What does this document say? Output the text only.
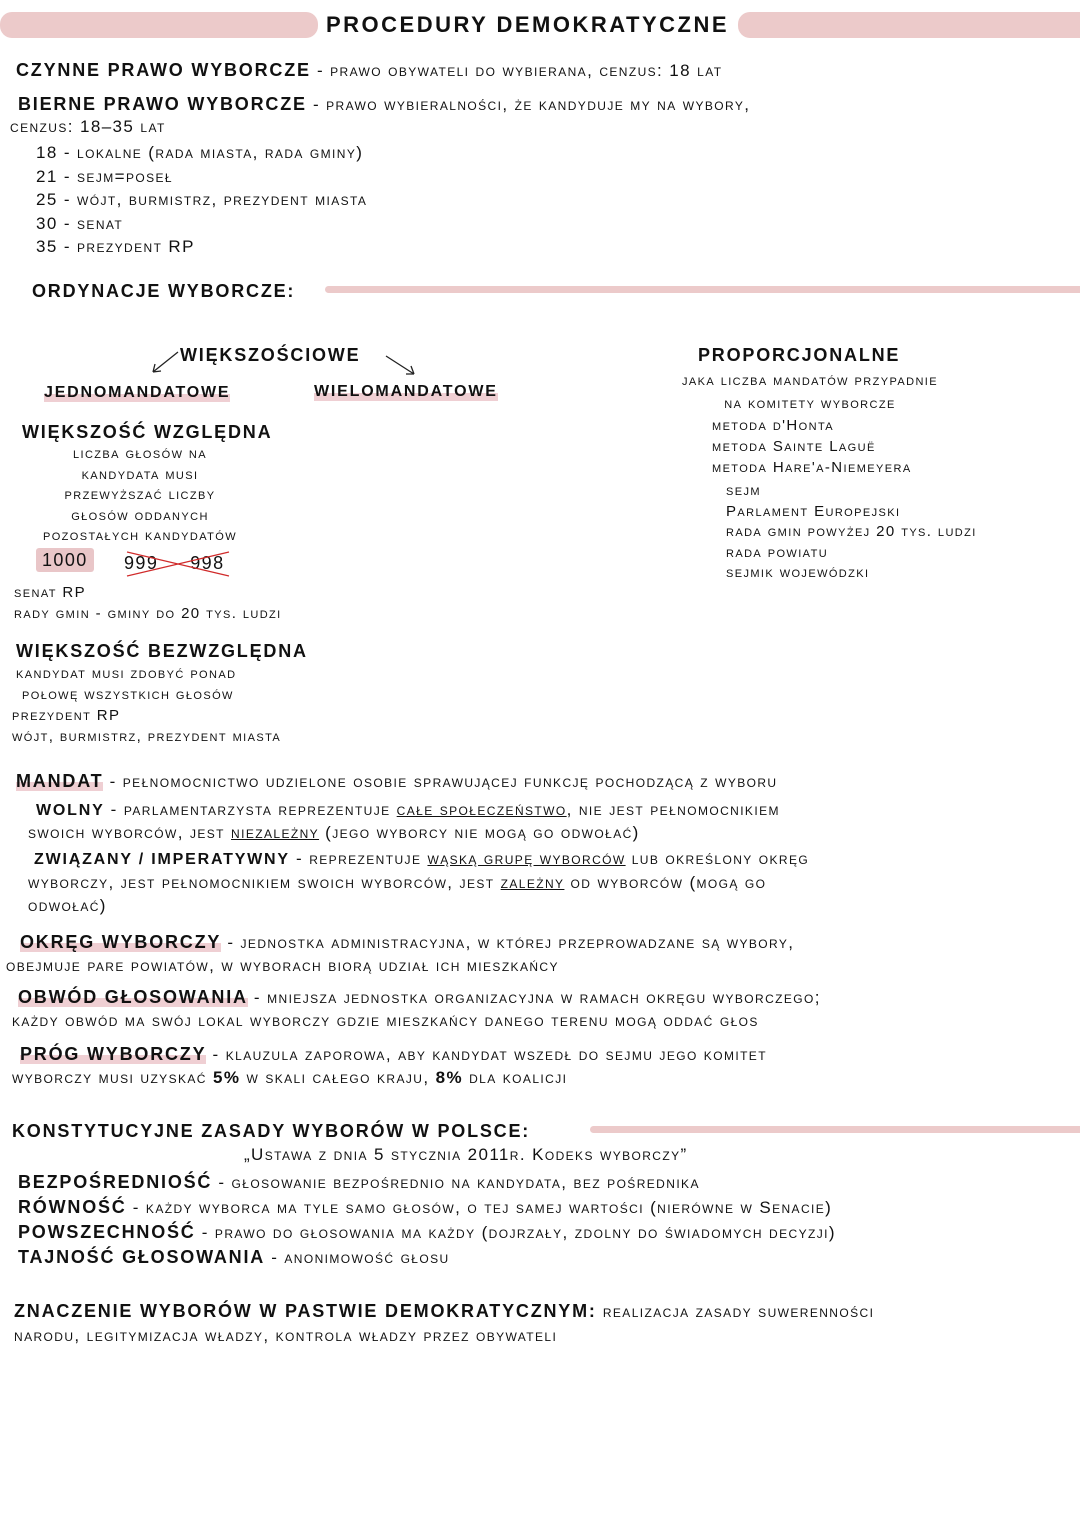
PROCEDURY DEMOKRATYCZNE
CZYNNE PRAWO WYBORCZE - prawo obywateli do wybierana, cenzus: 18 lat
BIERNE PRAWO WYBORCZE - prawo wybieralności, że kandyduje my na wybory,
cenzus: 18–35 lat
18 - lokalne (rada miasta, rada gminy)
21 - sejm=poseł
25 - wójt, burmistrz, prezydent miasta
30 - senat
35 - prezydent RP
ORDYNACJE WYBORCZE:
WIĘKSZOŚCIOWE
JEDNOMANDATOWE	WIELOMANDATOWE
WIĘKSZOŚĆ WZGLĘDNA
liczba głosów na
kandydata musi
przewyższać liczby
głosów oddanych
pozostałych kandydatów
1000	999 998
senat RP
rady gmin - gminy do 20 tys. ludzi
WIĘKSZOŚĆ BEZWZGLĘDNA
kandydat musi zdobyć ponad
połowę wszystkich głosów
prezydent RP
wójt, burmistrz, prezydent miasta
PROPORCJONALNE
jaka liczba mandatów przypadnie
na komitety wyborcze
metoda d'Honta
metoda Sainte Laguë
metoda Hare'a-Niemeyera
sejm
Parlament Europejski
rada gmin powyżej 20 tys. ludzi
rada powiatu
sejmik wojewódzki
MANDAT - pełnomocnictwo udzielone osobie sprawującej funkcję pochodzącą z wyboru
WOLNY - parlamentarzysta reprezentuje całe społeczeństwo, nie jest pełnomocnikiem
swoich wyborców, jest niezależny (jego wyborcy nie mogą go odwołać)
ZWIĄZANY / IMPERATYWNY - reprezentuje wąską grupę wyborców lub określony okręg
wyborczy, jest pełnomocnikiem swoich wyborców, jest zależny od wyborców (mogą go
odwołać)
OKRĘG WYBORCZY - jednostka administracyjna, w której przeprowadzane są wybory,
obejmuje pare powiatów, w wyborach biorą udział ich mieszkańcy
OBWÓD GŁOSOWANIA - mniejsza jednostka organizacyjna w ramach okręgu wyborczego;
każdy obwód ma swój lokal wyborczy gdzie mieszkańcy danego terenu mogą oddać głos
PRÓG WYBORCZY - klauzula zaporowa, aby kandydat wszedł do sejmu jego komitet
wyborczy musi uzyskać 5% w skali całego kraju, 8% dla koalicji
KONSTYTUCYJNE ZASADY WYBORÓW W POLSCE:
„Ustawa z dnia 5 stycznia 2011r. Kodeks wyborczy”
BEZPOŚREDNIOŚĆ - głosowanie bezpośrednio na kandydata, bez pośrednika
RÓWNOŚĆ - każdy wyborca ma tyle samo głosów, o tej samej wartości (nierówne w Senacie)
POWSZECHNOŚĆ - prawo do głosowania ma każdy (dojrzały, zdolny do świadomych decyzji)
TAJNOŚĆ GŁOSOWANIA - anonimowość głosu
ZNACZENIE WYBORÓW W PASTWIE DEMOKRATYCZNYM: realizacja zasady suwerenności
narodu, legitymizacja władzy, kontrola władzy przez obywateli
